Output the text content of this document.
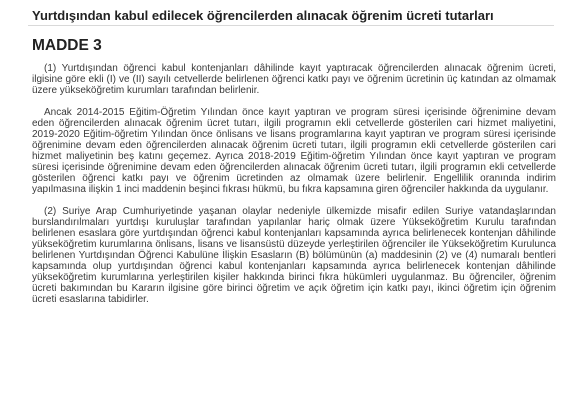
Yurtdışından kabul edilecek öğrencilerden alınacak öğrenim ücreti tutarları
MADDE 3

(1) Yurtdışından öğrenci kabul kontenjanları dâhilinde kayıt yaptıracak öğrencilerden alınacak öğrenim ücreti, ilgisine göre ekli (I) ve (II) sayılı cetvellerde belirlenen öğrenci katkı payı ve öğrenim ücretinin üç katından az olmamak üzere yükseköğretim kurumları tarafından belirlenir.

Ancak 2014-2015 Eğitim-Öğretim Yılından önce kayıt yaptıran ve program süresi içerisinde öğrenimine devam eden öğrencilerden alınacak öğrenim ücret tutarı, ilgili programın ekli cetvellerde gösterilen cari hizmet maliyetini, 2019-2020 Eğitim-öğretim Yılından önce önlisans ve lisans programlarına kayıt yaptıran ve program süresi içerisinde öğrenimine devam eden öğrencilerden alınacak öğrenim ücreti tutarı, ilgili programın ekli cetvellerde gösterilen cari hizmet maliyetinin beş katını geçemez. Ayrıca 2018-2019 Eğitim-öğretim Yılından önce kayıt yaptıran ve program süresi içerisinde öğrenimine devam eden öğrencilerden alınacak öğrenim ücreti tutarı, ilgili programın ekli cetvellerde gösterilen öğrenci katkı payı ve öğrenim ücretinden az olmamak üzere belirlenir. Engellilik oranında indirim yapılmasına ilişkin 1 inci maddenin beşinci fıkrası hükmü, bu fıkra kapsamına giren öğrenciler hakkında da uygulanır.

(2) Suriye Arap Cumhuriyetinde yaşanan olaylar nedeniyle ülkemizde misafir edilen Suriye vatandaşlarından burslandırılmaları yurtdışı kuruluşlar tarafından yapılanlar hariç olmak üzere Yükseköğretim Kurulu tarafından belirlenen esaslara göre yurtdışından öğrenci kabul kontenjanları kapsamında ayrıca belirlenecek kontenjan dâhilinde yükseköğretim kurumlarına önlisans, lisans ve lisansüstü düzeyde yerleştirilen öğrenciler ile Yükseköğretim Kurulunca belirlenen Yurtdışından Öğrenci Kabulüne İlişkin Esasların (B) bölümünün (a) maddesinin (2) ve (4) numaralı bentleri kapsamında olup yurtdışından öğrenci kabul kontenjanları kapsamında ayrıca belirlenecek kontenjan dâhilinde yükseköğretim kurumlarına yerleştirilen kişiler hakkında birinci fıkra hükümleri uygulanmaz. Bu öğrenciler, öğrenim ücreti bakımından bu Kararın ilgisine göre birinci öğretim ve açık öğretim için katkı payı, ikinci öğretim için öğrenim ücreti esaslarına tabidirler.
